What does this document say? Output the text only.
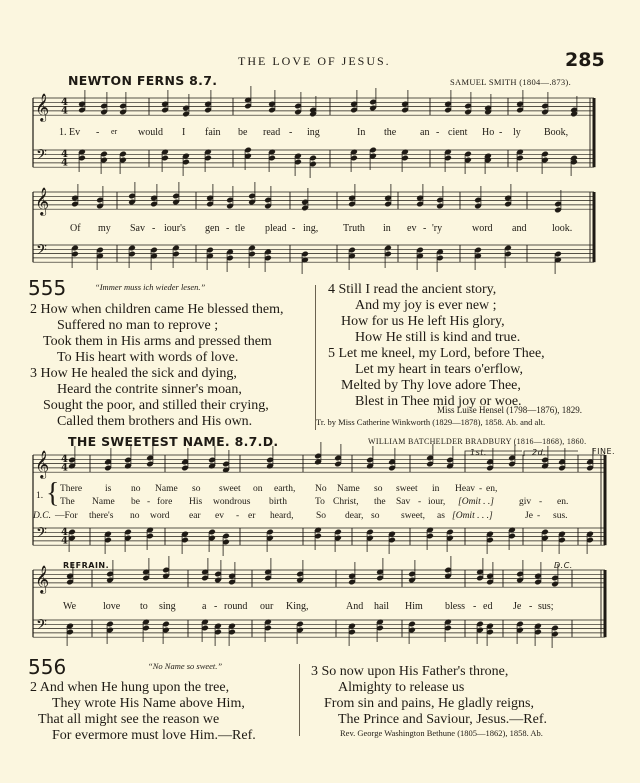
THE LOVE OF JESUS.	285
NEWTON FERNS 8.7.	SAMUEL SMITH (1804—.873).
𝄞
𝄢
4
4
4
4
𝄞
𝄢
𝄞
𝄢
4
4
4
4
𝄞
𝄢
1. Ev - er would I fain be read - ing	In the an - cient Ho - ly Book,
Of my Sav - iour's gen - tle plead - ing, Truth in ev - 'ry	word and	look.
555	“Immer muss ich wieder lesen.”
2 How when children came He blessed them,
Suffered no man to reprove ;
Took them in His arms and pressed them
To His heart with words of love.
3 How He healed the sick and dying,
Heard the contrite sinner's moan,
Sought the poor, and stilled their crying,
Called them brothers and His own.
4 Still I read the ancient story,
And my joy is ever new ;
How for us He left His glory,
How He still is kind and true.
5 Let me kneel, my Lord, before Thee,
Let my heart in tears o'erflow,
Melted by Thy love adore Thee,
Blest in Thee mid joy or woe.
Miss Luise Hensel (1798—1876), 1829.
Tr. by Miss Catherine Winkworth (1829—1878), 1858. Ab. and alt.
THE SWEETEST NAME. 8.7.D.	WILLIAM BATCHELDER BRADBURY (1816—1868), 1860.
1st.	2d.	FINE.
1. { There is no Name so sweet on earth, No Name so sweet in Heav - en,
The Name be - fore His wondrous birth	To Christ, the Sav - iour, [Omit . .]	giv - en.
D.C. —For there's no word ear ev - er heard, So dear, so sweet, as [Omit . . .]	Je - sus.
REFRAIN.	D.C.
We	love to sing	a - round our King,	And hail Him bless - ed Je - sus;
556	“No Name so sweet.”
2 And when He hung upon the tree,
They wrote His Name above Him,
That all might see the reason we
For evermore must love Him.—Ref.
3 So now upon His Father's throne,
Almighty to release us
From sin and pains, He gladly reigns,
The Prince and Saviour, Jesus.—Ref.
Rev. George Washington Bethune (1805—1862), 1858. Ab.
